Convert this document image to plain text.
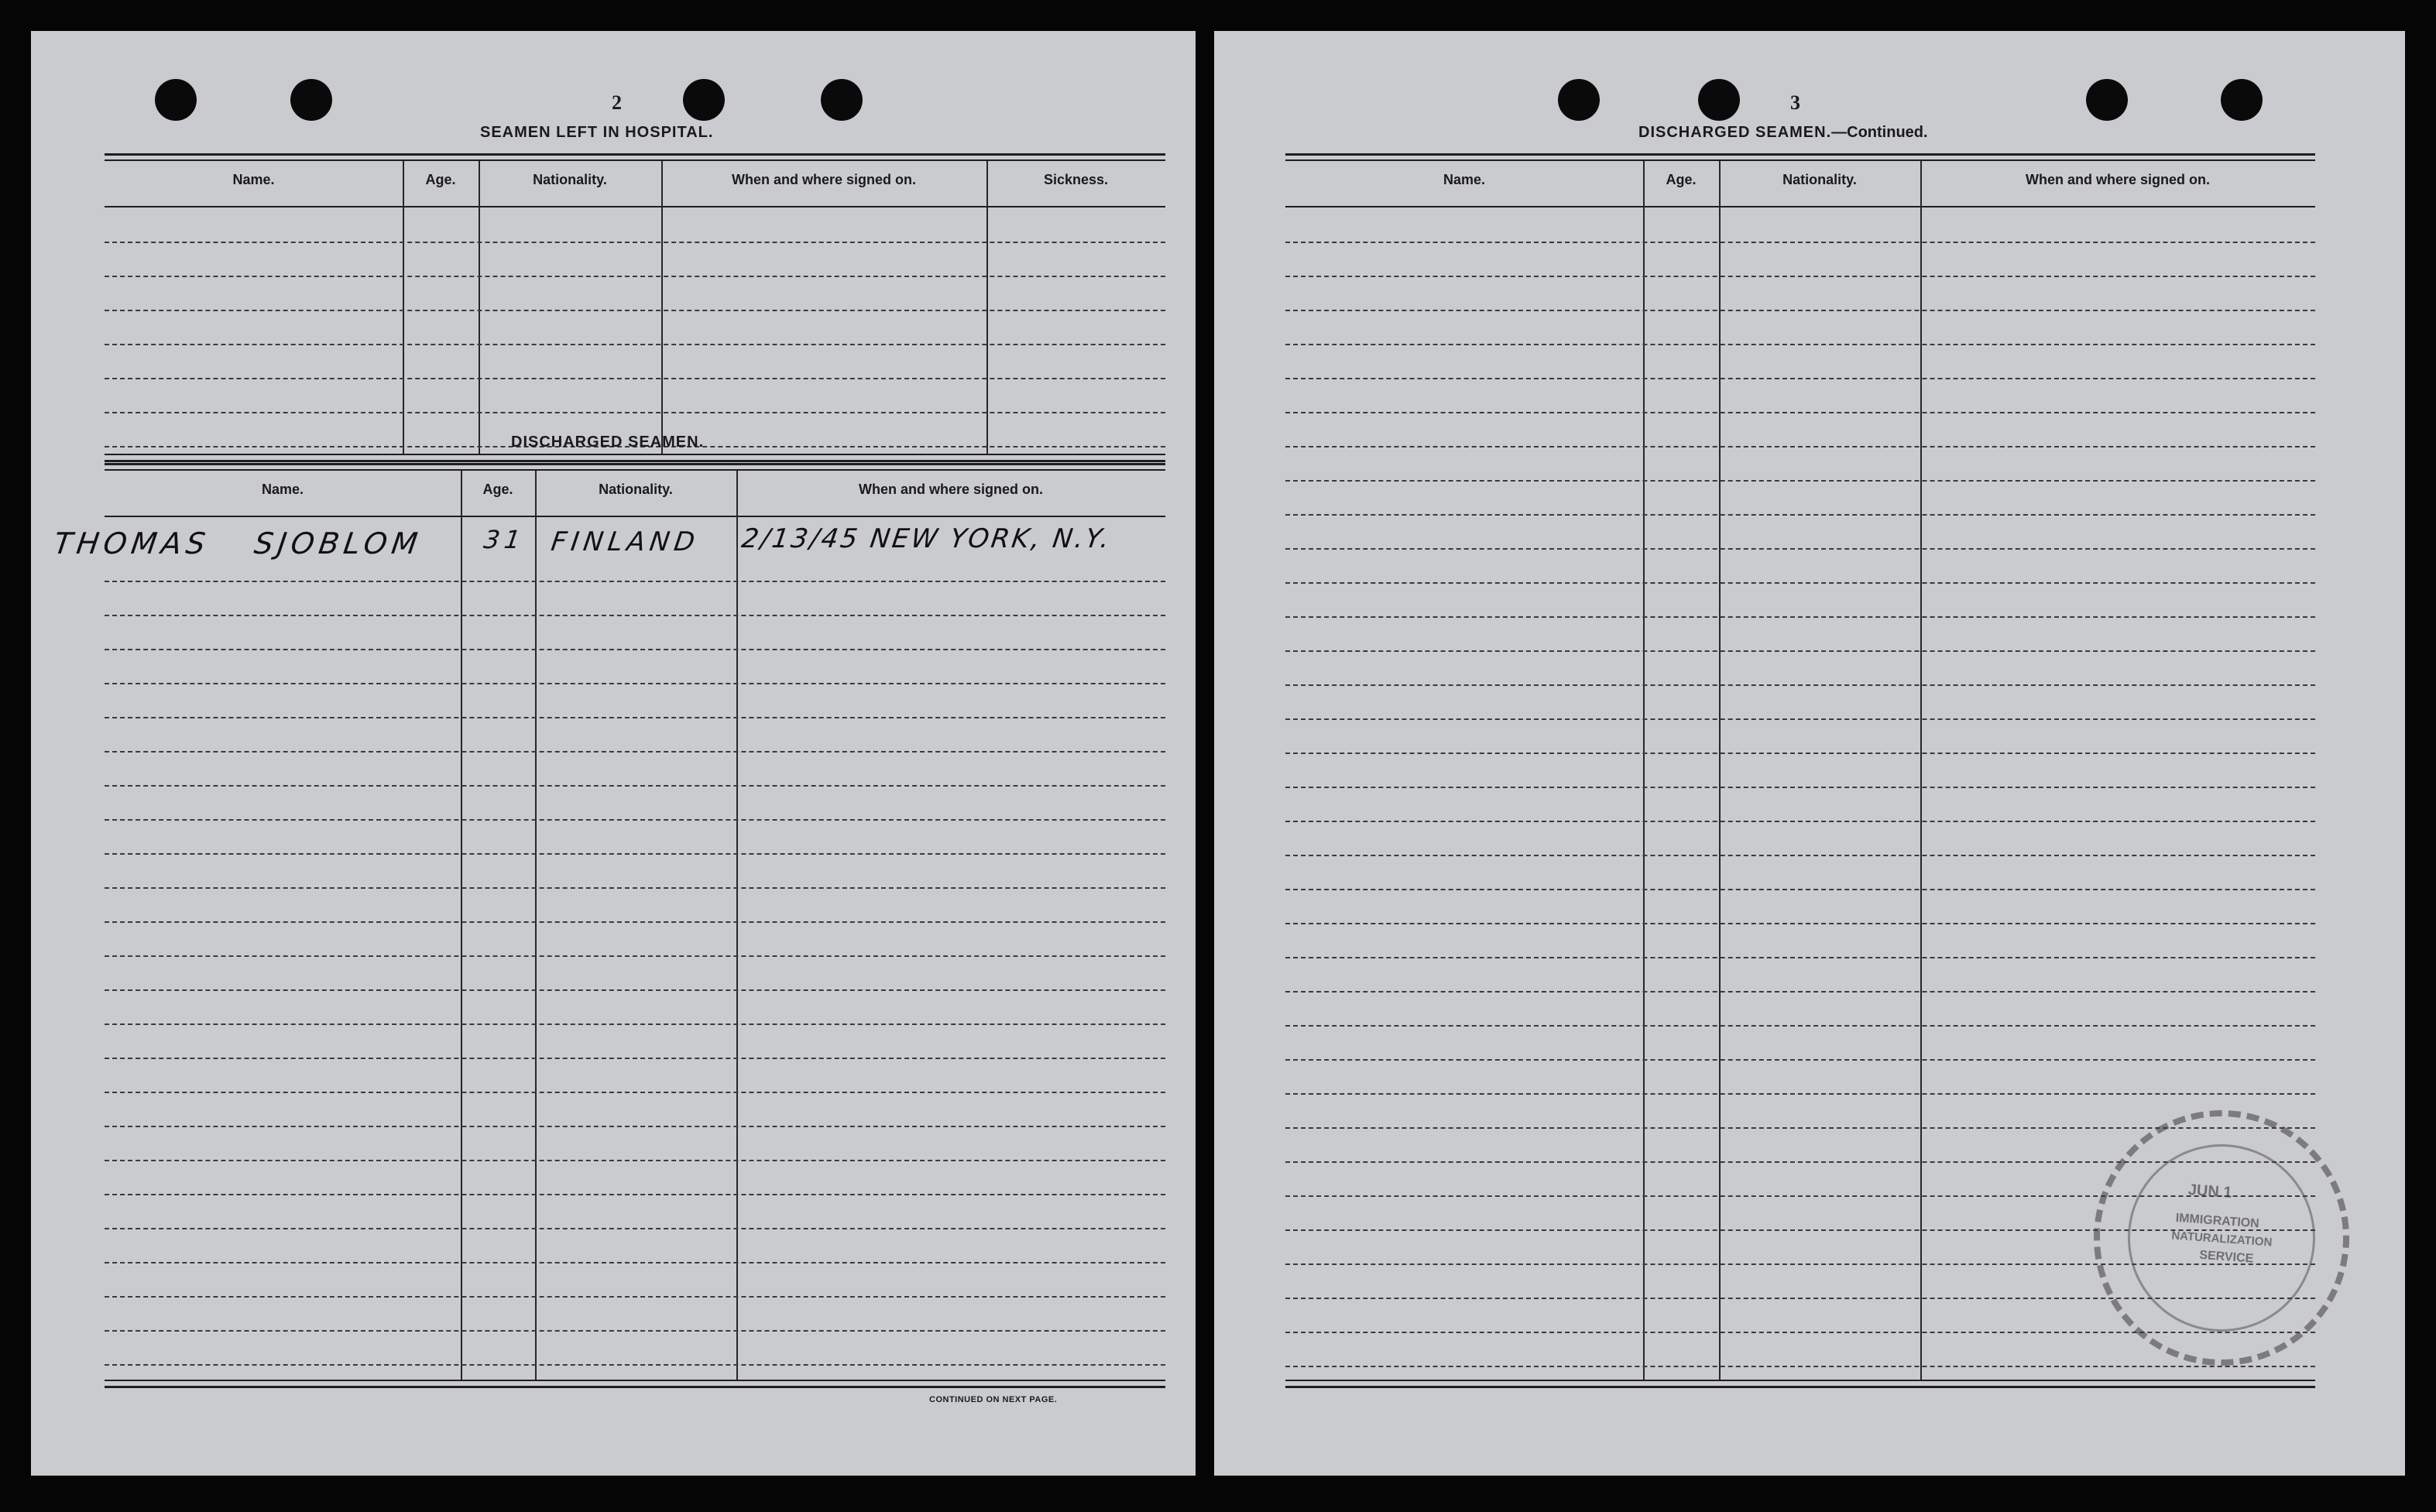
2
SEAMEN LEFT IN HOSPITAL.
Name.	Age.	Nationality.	When and where signed on.	Sickness.
DISCHARGED SEAMEN.
Name.	Age.	Nationality.	When and where signed on.
THOMAS SJOBLOM	31 FINLAND 2/13/45 NEW YORK, N.Y.
CONTINUED ON NEXT PAGE.
3
DISCHARGED SEAMEN.—Continued.
Name.	Age.	Nationality.	When and where signed on.
JUN 1
IMMIGRATION
NATURALIZATION
SERVICE
